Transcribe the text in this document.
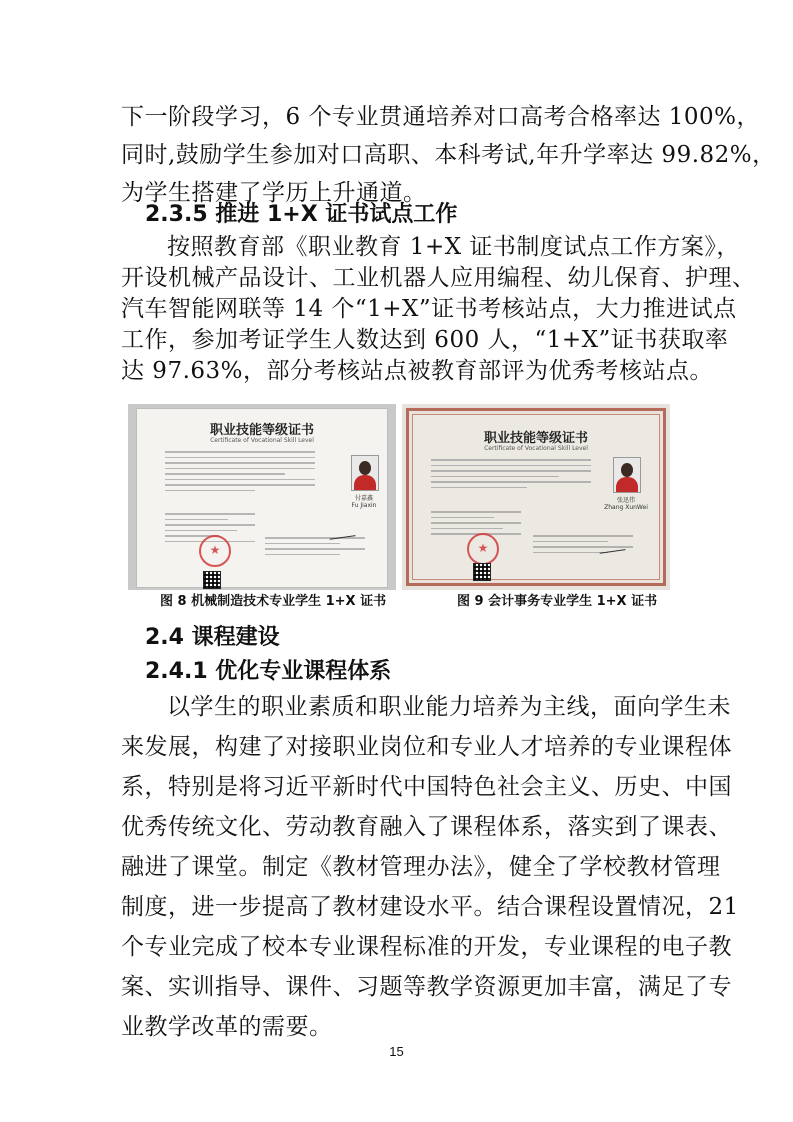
下一阶段学习，6 个专业贯通培养对口高考合格率达 100%，
同时,鼓励学生参加对口高职、本科考试,年升学率达 99.82%，
为学生搭建了学历上升通道。
2.3.5 推进 1+X 证书试点工作
按照教育部《职业教育 1+X 证书制度试点工作方案》，
开设机械产品设计、工业机器人应用编程、幼儿保育、护理、
汽车智能网联等 14 个“1+X”证书考核站点，大力推进试点
工作，参加考证学生人数达到 600 人，“1+X”证书获取率
职业技能等级证书
Certificate of Vocational Skill Level
付嘉鑫
Fu Jiaxin
★
职业技能等级证书
Certificate of Vocational Skill Level
张迅伟
Zhang XunWei
★
图 8 机械制造技术专业学生 1+X 证书	图 9 会计事务专业学生 1+X 证书
2.4 课程建设
2.4.1 优化专业课程体系
以学生的职业素质和职业能力培养为主线，面向学生未
来发展，构建了对接职业岗位和专业人才培养的专业课程体
系，特别是将习近平新时代中国特色社会主义、历史、中国
优秀传统文化、劳动教育融入了课程体系，落实到了课表、
融进了课堂。制定《教材管理办法》，健全了学校教材管理
制度，进一步提高了教材建设水平。结合课程设置情况，21
个专业完成了校本专业课程标准的开发，专业课程的电子教
案、实训指导、课件、习题等教学资源更加丰富，满足了专
15
达 97.63%，部分考核站点被教育部评为优秀考核站点。
业教学改革的需要。
